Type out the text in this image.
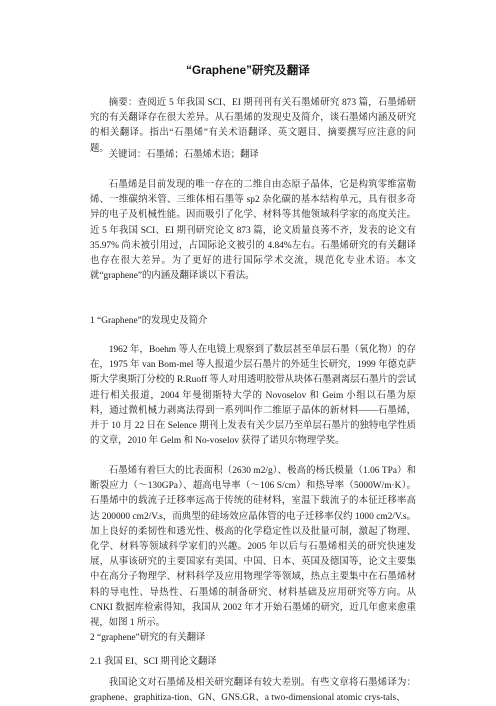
“Graphene”研究及翻译

摘要：查阅近 5 年我国 SCI、EI 期刊刊有关石墨烯研究 873 篇，石墨烯研究的有关翻译存在很大差异。从石墨烯的发现史及简介，谈石墨烯内涵及研究的相关翻译。指出“石墨烯”有关术语翻译、英文题目、摘要撰写应注意的问题。

关键词：石墨烯；石墨烯术语；翻译

石墨烯是目前发现的唯一存在的二维自由态原子晶体，它是构筑零维富勒烯、一维碳纳米管、三维体相石墨等 sp2 杂化碳的基本结构单元，具有很多奇异的电子及机械性能。因而吸引了化学、材料等其他领域科学家的高度关注。近 5 年我国 SCI、EI 期刊研究论文 873 篇，论文质量良莠不齐，发表的论文有 35.97% 尚未被引用过，占国际论文被引的 4.84%左右。石墨烯研究的有关翻译也存在很大差异。为了更好的进行国际学术交流，规范化专业术语。本文就“graphene”的内涵及翻译谈以下看法。

1 “Graphene”的发现史及简介

1962 年，Boehm 等人在电镜上观察到了数层甚至单层石墨（氧化物）的存在，1975 年 van Bom-mel 等人报道少层石墨片的外延生长研究，1999 年德克萨斯大学奥斯汀分校的 R.Ruoff 等人对用透明胶带从块体石墨剥离层石墨片的尝试进行相关报道，2004 年曼彻斯特大学的 Novoselov 和 Geim 小组以石墨为原料，通过微机械力剥离法得到一系列叫作二维原子晶体的新材料——石墨烯，并于 10 月 22 日在 Selence 期刊上发表有关少层乃至单层石墨片的独特电学性质的文章，2010 年 Gelm 和 No-voselov 获得了诺贝尔物理学奖。

石墨烯有着巨大的比表面积（2630 m2/g）、极高的杨氏模量（1.06 TPa）和断裂应力（～130GPa）、超高电导率（～106 S/cm）和热导率（5000W/m·K）。石墨烯中的载流子迁移率远高于传统的硅材料，室温下载流子的本征迁移率高达 200000 cm2/V.s，而典型的硅场效应晶体管的电子迁移率仅约 1000 cm2/V.s。加上良好的柔韧性和透光性、极高的化学稳定性以及批量可制，激起了物理、化学、材料等领域科学家们的兴趣。2005 年以后与石墨烯相关的研究快速发展，从事该研究的主要国家有美国、中国、日本、英国及德国等，论文主要集中在高分子物理学、材料科学及应用物理学等领域，热点主要集中在石墨烯材料的导电性、导热性、石墨烯的制备研究、材料基础及应用研究等方向。从 CNKI 数据库检索得知，我国从 2002 年才开始石墨烯的研究，近几年愈来愈重视，如图 1 所示。

2 “graphene”研究的有关翻译

2.1 我国 EI、SCI 期刊论文翻译

我国论文对石墨烯及相关研究翻译有较大差别。有些文章将石墨烯译为：graphene、graphitiza-tion、GN、GNS.GR、a two-dimensional atomic crys-tals、
